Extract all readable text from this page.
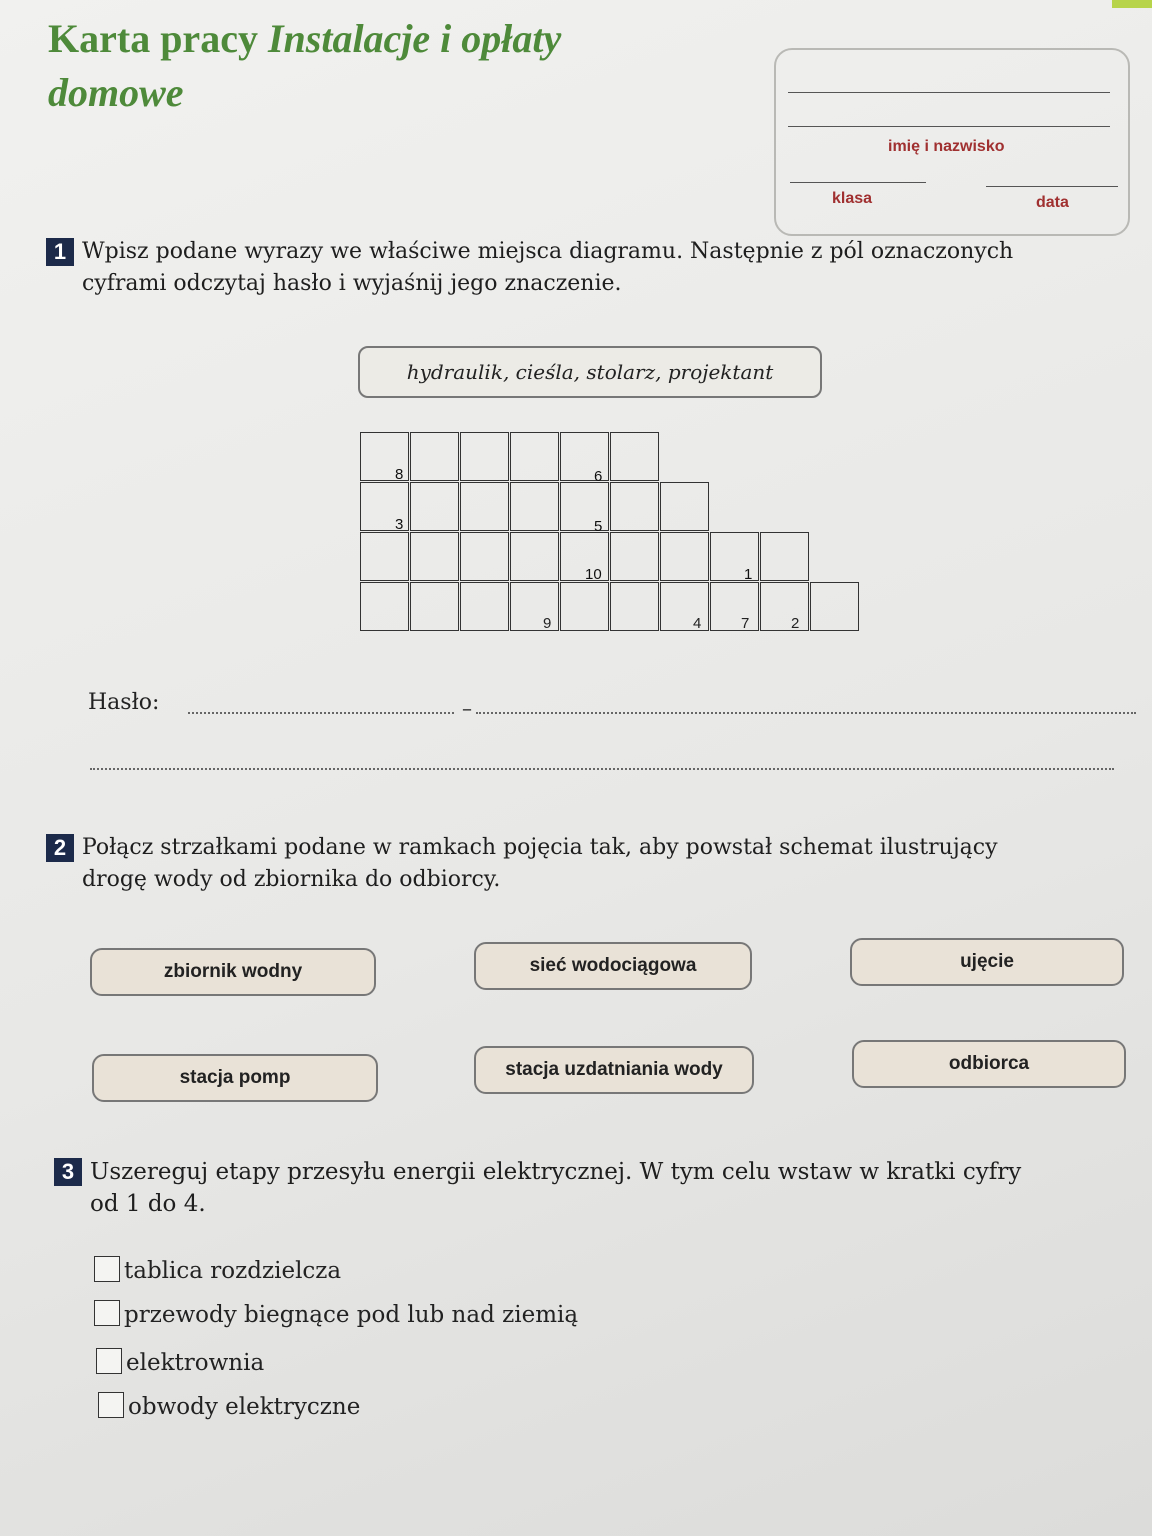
Karta pracy Instalacje i opłaty
domowe
imię i nazwisko
klasa	data
1 Wpisz podane wyrazy we właściwe miejsca diagramu. Następnie z pól oznaczonych
cyframi odczytaj hasło i wyjaśnij jego znaczenie.
hydraulik, cieśla, stolarz, projektant
8	6
3	5
10	1
9	4	7	2
Hasło:	–
2 Połącz strzałkami podane w ramkach pojęcia tak, aby powstał schemat ilustrujący
drogę wody od zbiornika do odbiorcy.
zbiornik wodny	sieć wodociągowa	ujęcie
stacja pomp	stacja uzdatniania wody	odbiorca
3 Uszereguj etapy przesyłu energii elektrycznej. W tym celu wstaw w kratki cyfry
od 1 do 4.
tablica rozdzielcza
przewody biegnące pod lub nad ziemią
elektrownia
obwody elektryczne
